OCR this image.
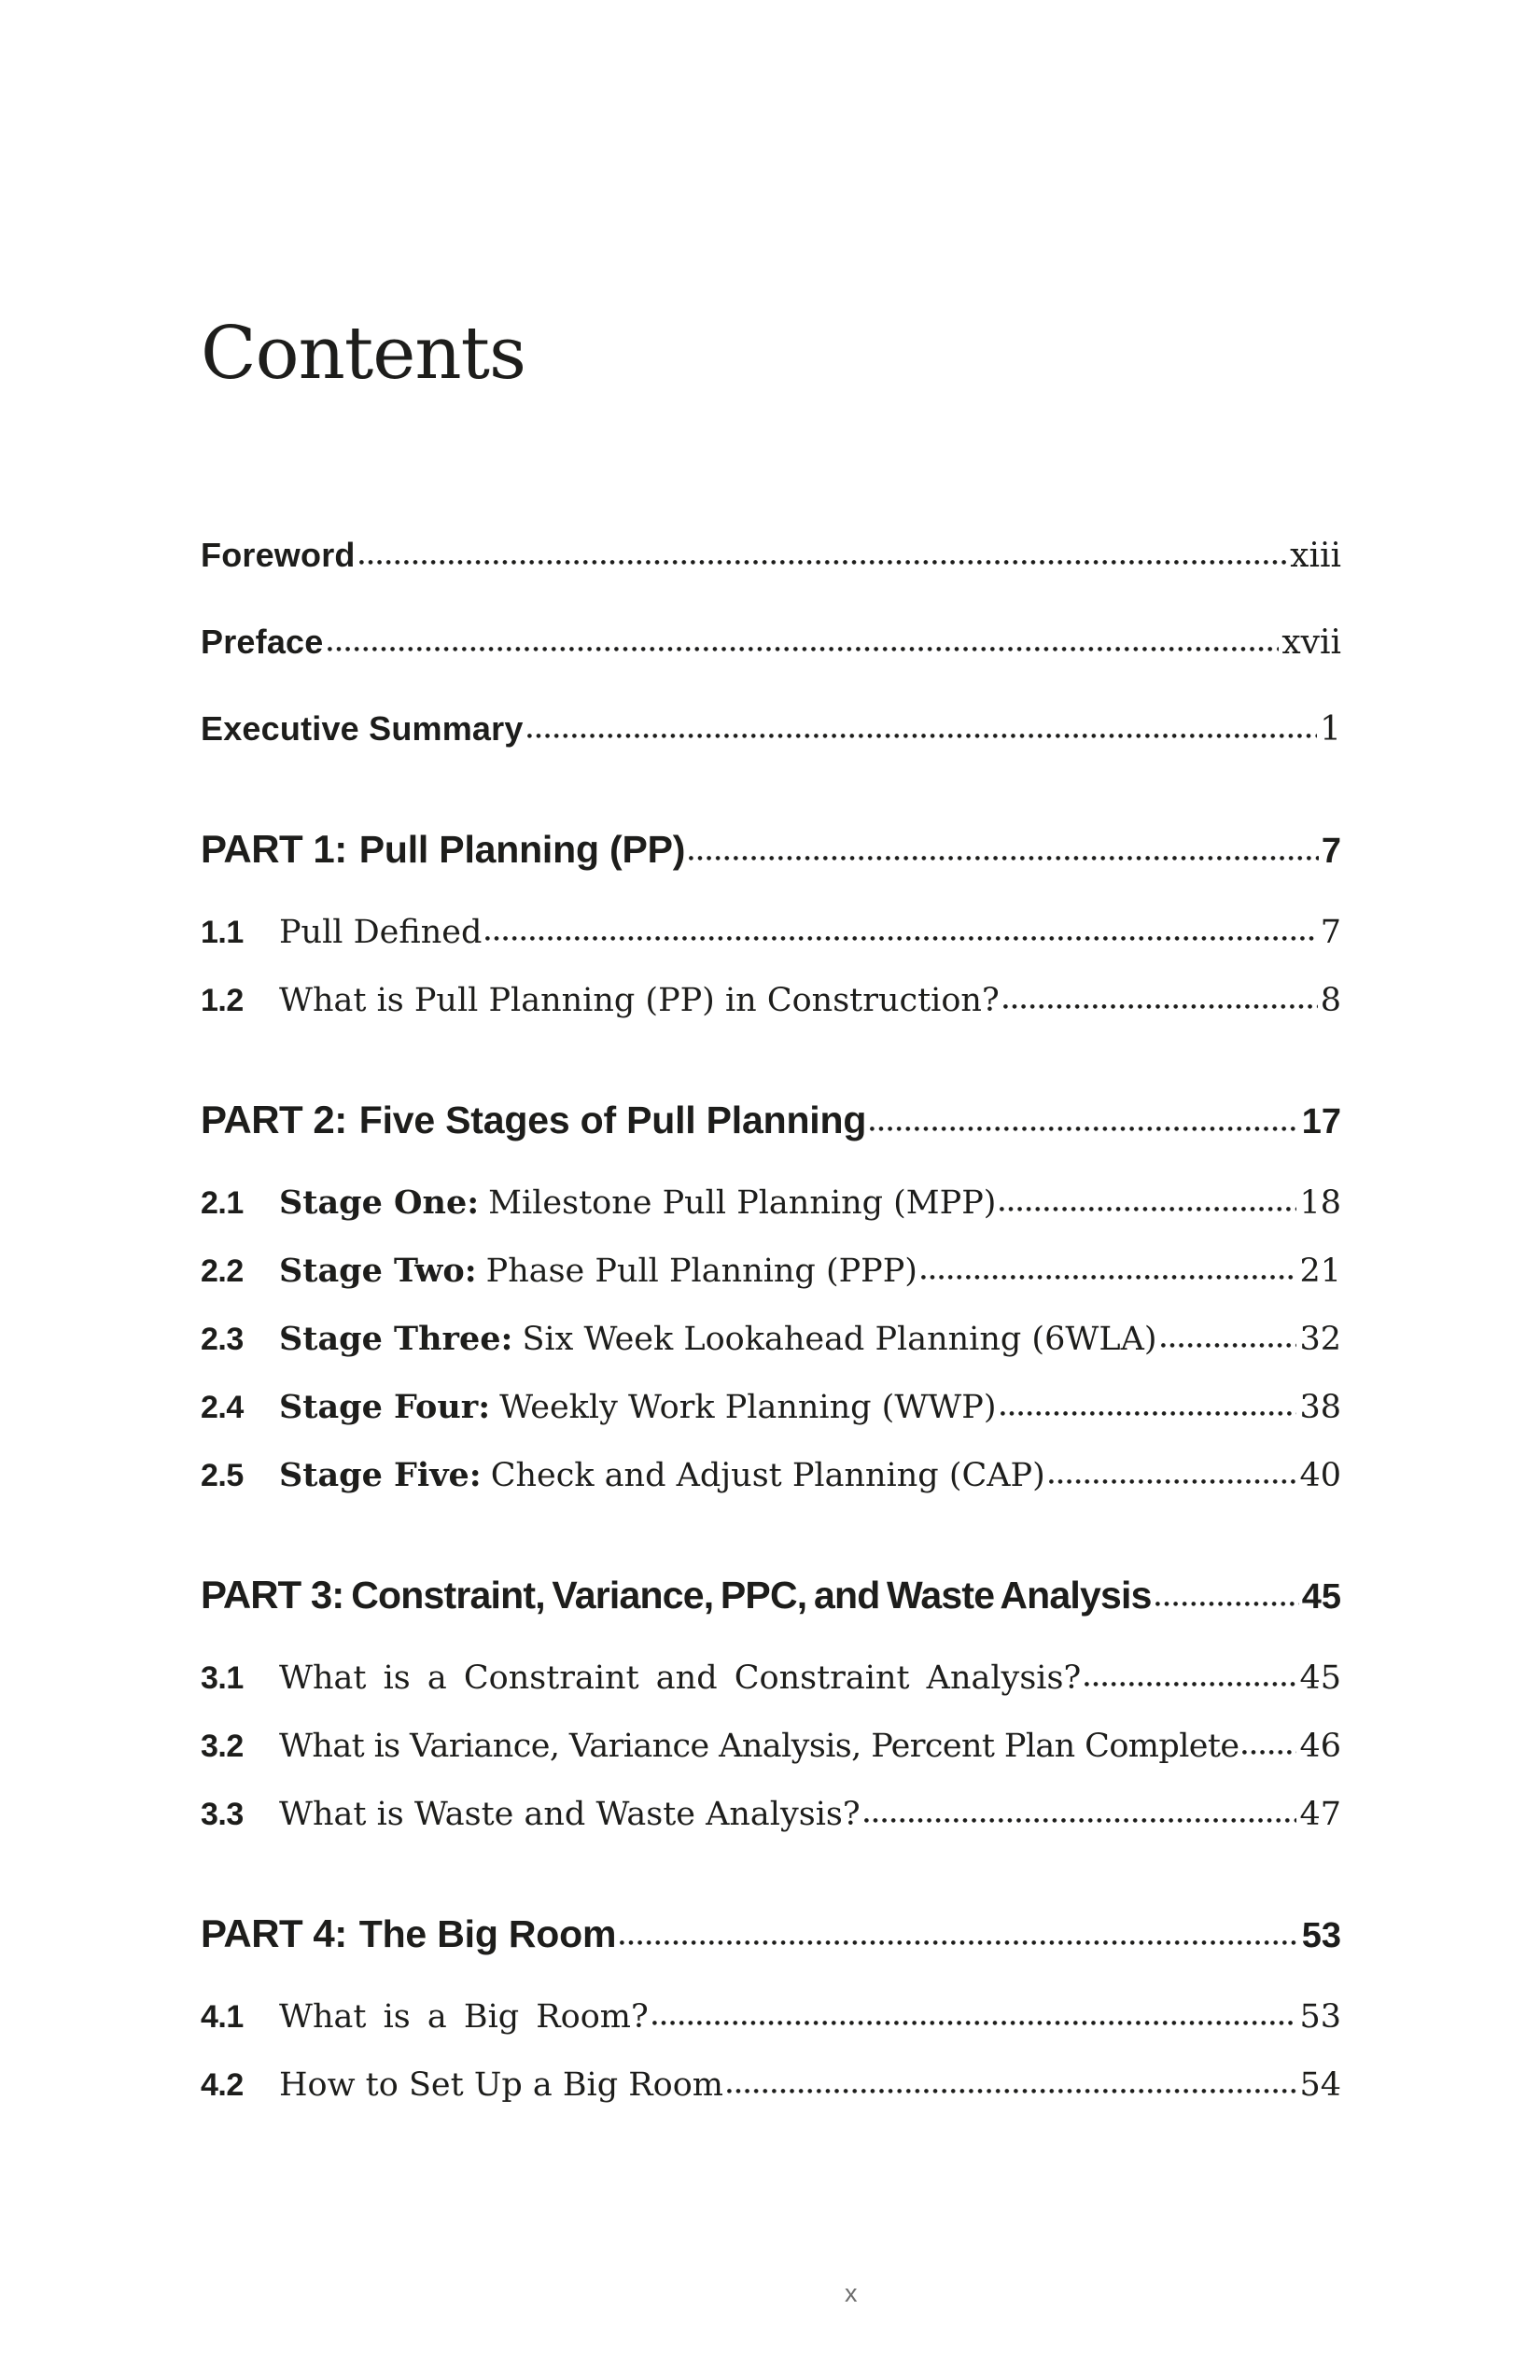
Contents
Foreword	xiii
Preface	xvii
Executive Summary	1
PART 1: Pull Planning (PP)	7
1.1	Pull Defined	7
1.2	What is Pull Planning (PP) in Construction?	8
PART 2: Five Stages of Pull Planning	17
2.1	Stage One: Milestone Pull Planning (MPP)	18
2.2	Stage Two: Phase Pull Planning (PPP)	21
2.3	Stage Three: Six Week Lookahead Planning (6WLA)	32
2.4	Stage Four: Weekly Work Planning (WWP)	38
2.5	Stage Five: Check and Adjust Planning (CAP)	40
PART 3: Constraint, Variance, PPC, and Waste Analysis	45
3.1	What is a Constraint and Constraint Analysis?	45
3.2	What is Variance, Variance Analysis, Percent Plan Complete 46
3.3	What is Waste and Waste Analysis?	47
PART 4: The Big Room	53
4.1	What is a Big Room?	53
4.2	How to Set Up a Big Room	54
x
